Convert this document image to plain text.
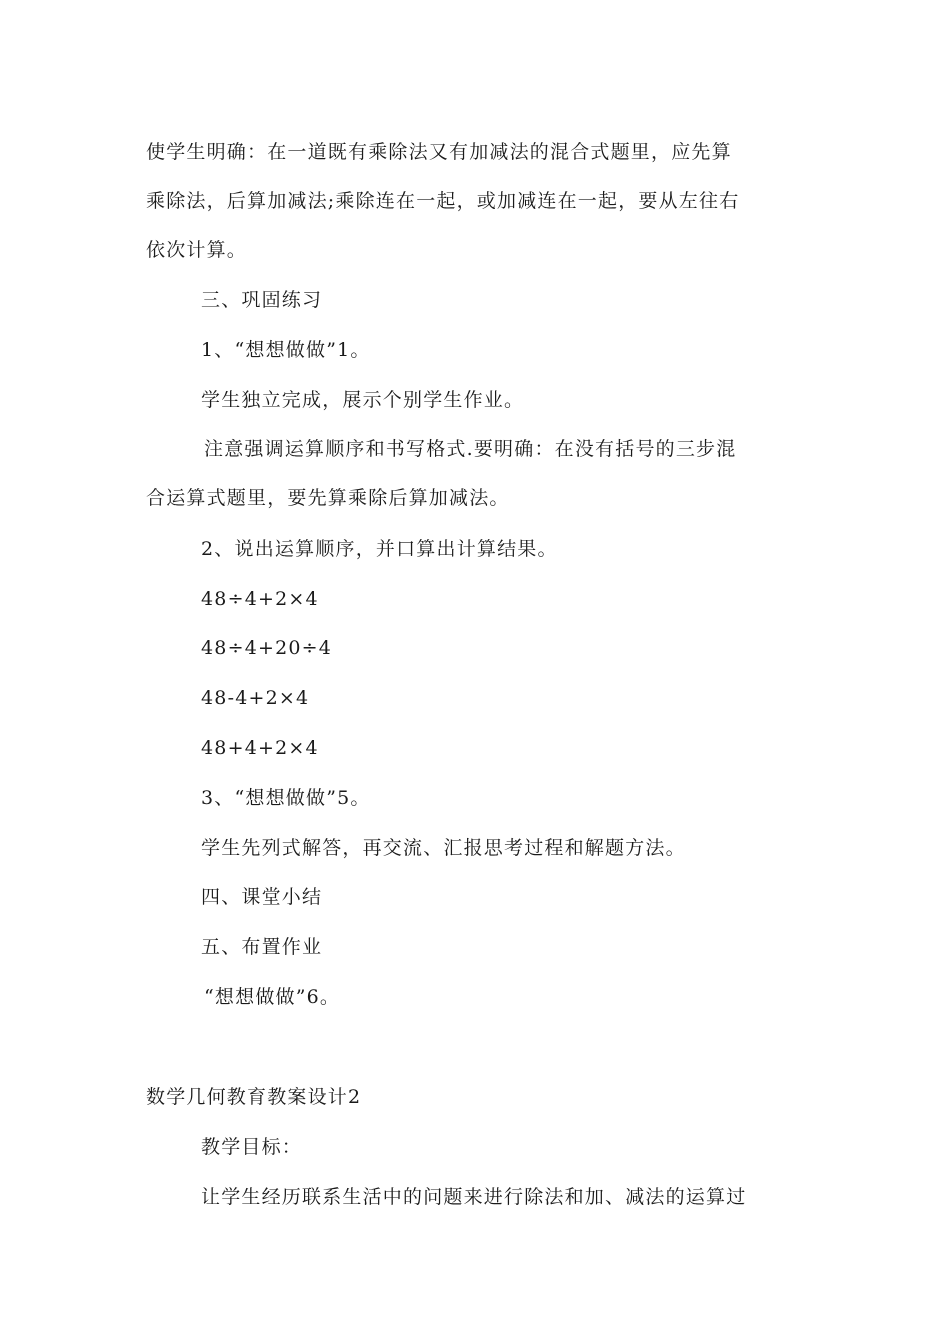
使学生明确：在一道既有乘除法又有加减法的混合式题里，应先算
乘除法，后算加减法;乘除连在一起，或加减连在一起，要从左往右
依次计算。
三、巩固练习
1、“想想做做”1。
学生独立完成，展示个别学生作业。
注意强调运算顺序和书写格式.要明确：在没有括号的三步混
合运算式题里，要先算乘除后算加减法。
2、说出运算顺序，并口算出计算结果。
48÷4+2×4
48÷4+20÷4
48-4+2×4
48+4+2×4
3、“想想做做”5。
学生先列式解答，再交流、汇报思考过程和解题方法。
四、课堂小结
五、布置作业
“想想做做”6。
数学几何教育教案设计2
教学目标：
让学生经历联系生活中的问题来进行除法和加、减法的运算过
